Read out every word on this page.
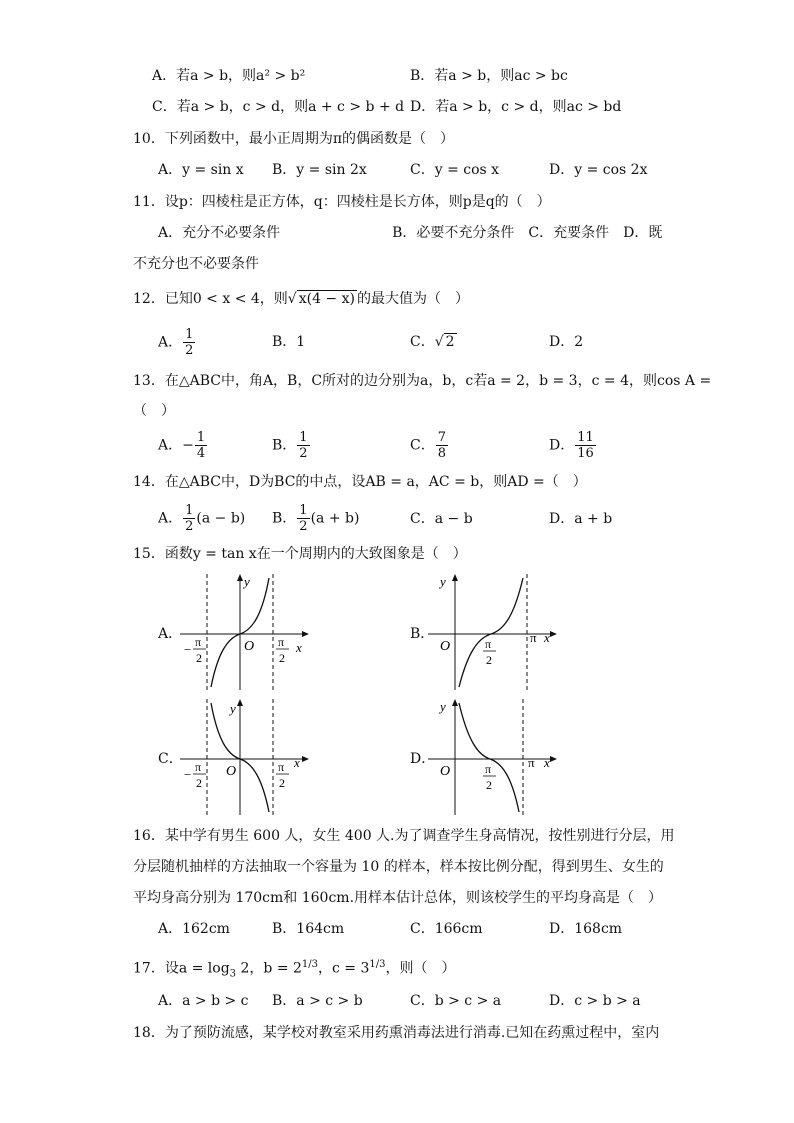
A．若a > b，则a² > b²	B．若a > b，则ac > bc
C．若a > b，c > d，则a + c > b + d D．若a > b，c > d，则ac > bd
10．下列函数中，最小正周期为π的偶函数是（　）
A．y = sin x B．y = sin 2x	C．y = cos x	D．y = cos 2x
11．设p：四棱柱是正方体，q：四棱柱是长方体，则p是q的（　）
A．充分不必要条件　　　　　　　　B．必要不充分条件　C．充要条件　D．既
不充分也不必要条件
12．已知0 < x < 4，则√ x(4 − x) 的最大值为（　）
A． $\frac{1}{2}$	B．1	C．√ 2	D．2
13．在△ABC中，角A，B，C所对的边分别为a，b，c若a = 2，b = 3，c = 4，则cos A =
（　）
A．− $\frac{1}{4}$	B． $\frac{1}{2}$	C． $\frac{7}{8}$	D． $\frac{11}{16}$
14．在△ABC中，D为BC的中点，设AB = a，AC = b，则AD =（　）
A． $\frac{1}{2} (a - b)$ B． $\frac{1}{2} (a + b)$	C．a − b	D．a + b
15．函数y = tan x在一个周期内的大致图象是（　）
A．
O
y
x
− π
2
π
2
B．
O
y
x
π
π
2
C．
O
y
x
− π
2
π
2
D．
O
y
x
π
π
2
16．某中学有男生 600 人，女生 400 人.为了调查学生身高情况，按性别进行分层，用
分层随机抽样的方法抽取一个容量为 10 的样本，样本按比例分配，得到男生、女生的
平均身高分别为 170cm和 160cm.用样本估计总体，则该校学生的平均身高是（　）
A．162cm	B．164cm	C．166cm	D．168cm
17．设$a = \log_3 2$，$b = 2^{1/3}$，$c = 3^{1/3}$，则（　）
A．a > b > c B．a > c > b	C．b > c > a	D．c > b > a
18．为了预防流感，某学校对教室采用药熏消毒法进行消毒.已知在药熏过程中，室内
